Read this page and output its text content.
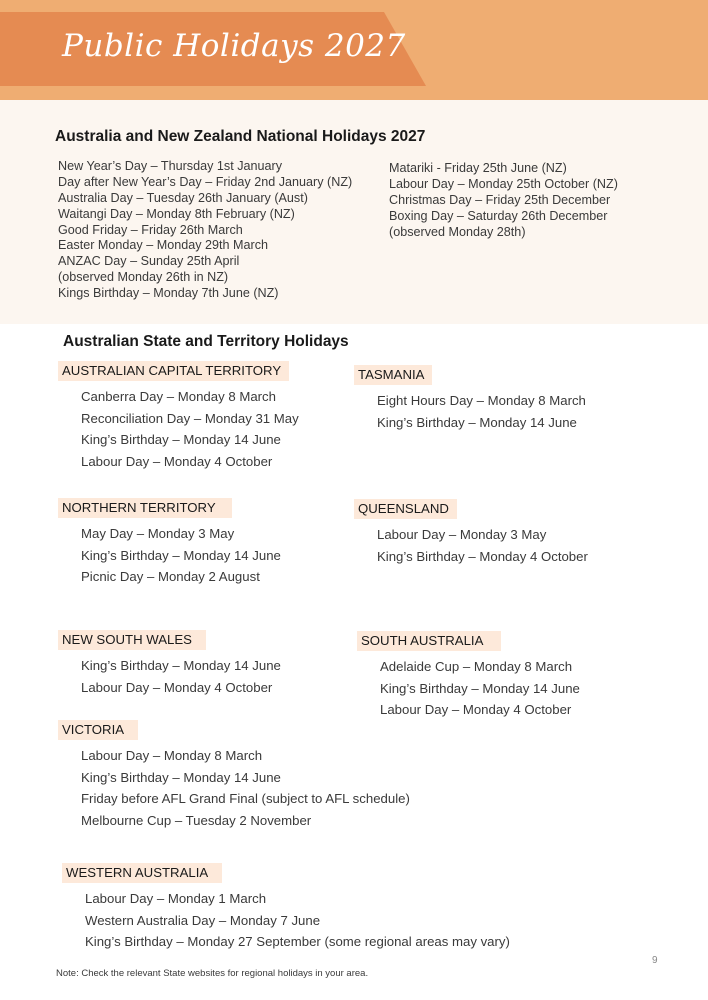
Public Holidays 2027
Australia and New Zealand National Holidays 2027
New Year’s Day – Thursday 1st January
Day after New Year’s Day – Friday 2nd January (NZ)
Australia Day – Tuesday 26th January (Aust)
Waitangi Day – Monday 8th February (NZ)
Good Friday – Friday 26th March
Easter Monday – Monday 29th March
ANZAC Day – Sunday 25th April
(observed Monday 26th in NZ)
Kings Birthday – Monday 7th June (NZ)
Matariki - Friday 25th June (NZ)
Labour Day – Monday 25th October (NZ)
Christmas Day – Friday 25th December
Boxing Day – Saturday 26th December
(observed Monday 28th)
Australian State and Territory Holidays
AUSTRALIAN CAPITAL TERRITORY
Canberra Day – Monday 8 March
Reconciliation Day – Monday 31 May
King’s Birthday – Monday 14 June
Labour Day – Monday 4 October
TASMANIA
Eight Hours Day – Monday 8 March
King’s Birthday – Monday 14 June
NORTHERN TERRITORY
May Day – Monday 3 May
King’s Birthday – Monday 14 June
Picnic Day – Monday 2 August
QUEENSLAND
Labour Day – Monday 3 May
King’s Birthday – Monday 4 October
NEW SOUTH WALES
King’s Birthday – Monday 14 June
Labour Day – Monday 4 October
SOUTH AUSTRALIA
Adelaide Cup – Monday 8 March
King’s Birthday – Monday 14 June
Labour Day – Monday 4 October
VICTORIA
Labour Day – Monday 8 March
King’s Birthday – Monday 14 June
Friday before AFL Grand Final (subject to AFL schedule)
Melbourne Cup – Tuesday 2 November
WESTERN AUSTRALIA
Labour Day – Monday 1 March
Western Australia Day – Monday 7 June
King’s Birthday – Monday 27 September (some regional areas may vary)
9
Note: Check the relevant State websites for regional holidays in your area.
